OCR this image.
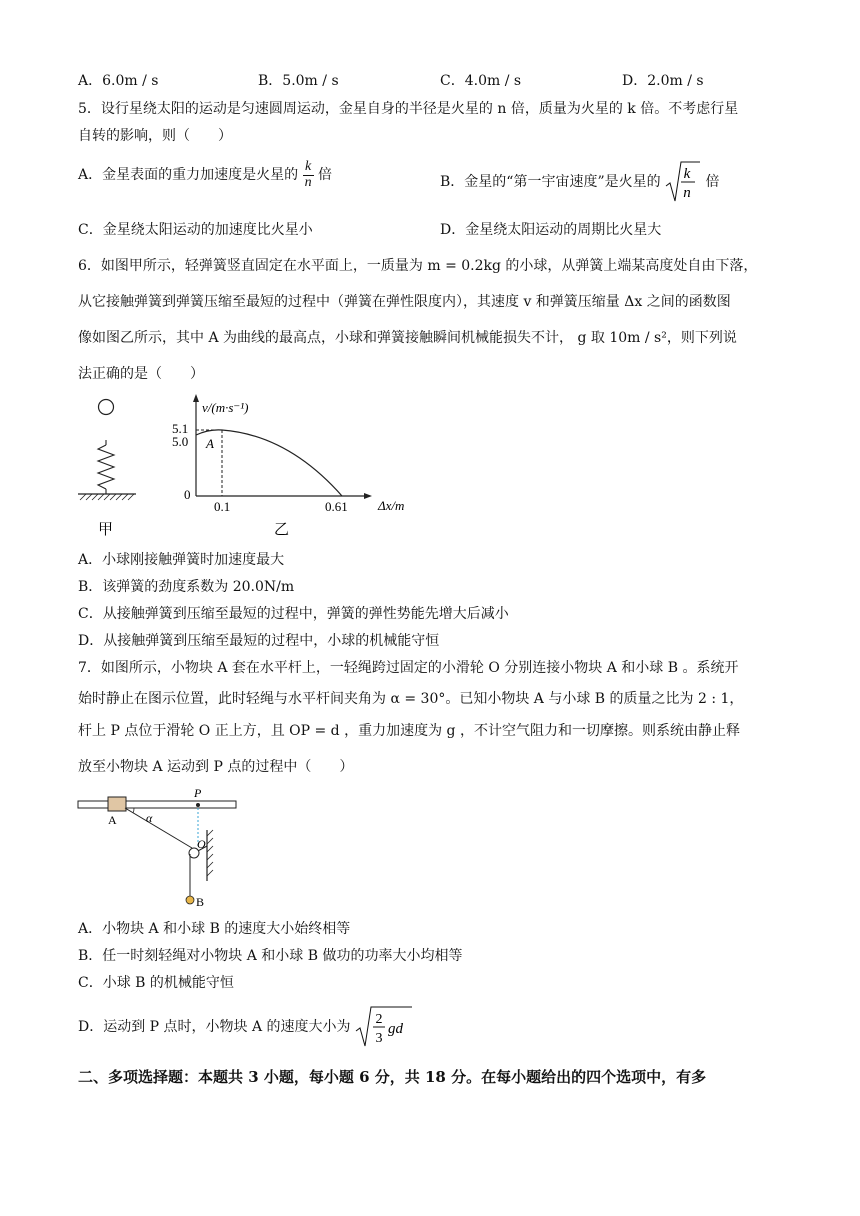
A．6.0m / s	B．5.0m / s	C．4.0m / s	D．2.0m / s
5．设行星绕太阳的运动是匀速圆周运动，金星自身的半径是火星的 n 倍，质量为火星的 k 倍。不考虑行星
自转的影响，则（　　）
A．金星表面的重力加速度是火星的 $\frac{k}{n}$ 倍	B．金星的“第一宇宙速度”是火星的 k
n
倍
C．金星绕太阳运动的加速度比火星小	D．金星绕太阳运动的周期比火星大
6．如图甲所示，轻弹簧竖直固定在水平面上，一质量为 m = 0.2kg 的小球，从弹簧上端某高度处自由下落，
从它接触弹簧到弹簧压缩至最短的过程中（弹簧在弹性限度内），其速度 v 和弹簧压缩量 Δx 之间的函数图
像如图乙所示，其中 A 为曲线的最高点，小球和弹簧接触瞬间机械能损失不计， g 取 10m / s²，则下列说
法正确的是（　　）
甲
v/(m·s⁻¹)
Δx/m
5.1
5.0
0
0.1	0.61
A
乙
A．小球刚接触弹簧时加速度最大
B．该弹簧的劲度系数为 20.0N/m
C．从接触弹簧到压缩至最短的过程中，弹簧的弹性势能先增大后减小
D．从接触弹簧到压缩至最短的过程中，小球的机械能守恒
7．如图所示，小物块 A 套在水平杆上，一轻绳跨过固定的小滑轮 O 分别连接小物块 A 和小球 B 。系统开
始时静止在图示位置，此时轻绳与水平杆间夹角为 α = 30°。已知小物块 A 与小球 B 的质量之比为 2 : 1，
杆上 P 点位于滑轮 O 正上方，且 OP = d ，重力加速度为 g ，不计空气阻力和一切摩擦。则系统由静止释
放至小物块 A 运动到 P 点的过程中（　　）
A α
P
O
B
A．小物块 A 和小球 B 的速度大小始终相等
B．任一时刻轻绳对小物块 A 和小球 B 做功的功率大小均相等
C．小球 B 的机械能守恒
D．运动到 P 点时，小物块 A 的速度大小为 2
3
gd
二、多项选择题：本题共 3 小题，每小题 6 分，共 18 分。在每小题给出的四个选项中，有多
